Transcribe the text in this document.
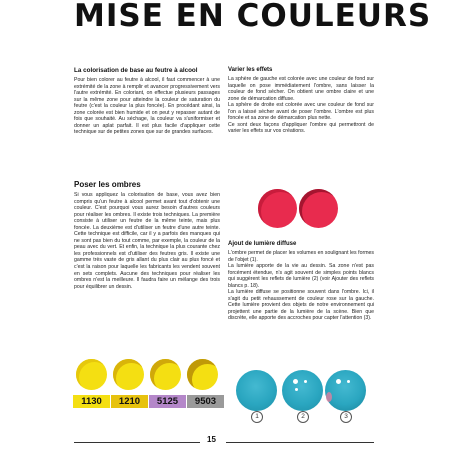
MISE EN COULEURS
La colorisation de base au feutre à alcool

Pour bien colorer au feutre à alcool, il faut commencer à une extrémité de la zone à remplir et avancer progressivement vers l'autre extrémité. En coloriant, on effectue plusieurs passages sur la même zone pour atteindre la couleur de saturation du feutre (c'est la couleur la plus foncée). En procédant ainsi, la zone colorée est bien humide et on peut y repasser autant de fois que souhaité. Au séchage, la couleur va s'uniformiser et donner un aplat parfait. Il est plus facile d'appliquer cette technique sur de petites zones que sur de grandes surfaces.

Poser les ombres

Si vous appliquez la colorisation de base, vous avez bien compris qu'un feutre à alcool permet avant tout d'obtenir une couleur. C'est pourquoi vous aurez besoin d'autres couleurs pour réaliser les ombres. Il existe trois techniques. La première consiste à utiliser un feutre de la même teinte, mais plus foncée. La deuxième est d'utiliser un feutre d'une autre teinte. Cette technique est difficile, car il y a parfois des manques qui ne sont pas bien du tout comme, par exemple, la couleur de la peau avec du vert. Et enfin, la technique la plus courante chez les professionnels est d'utiliser des feutres gris. Il existe une gamme très vaste de gris allant du plus clair au plus foncé et c'est la raison pour laquelle les fabricants les vendent souvent en sets complets. Aucune des techniques pour réaliser les ombres n'est la meilleure. Il faudra faire un mélange des trois pour équilibrer un dessin.

1130	1210	5125	9503
Varier les effets

La sphère de gauche est colorée avec une couleur de fond sur laquelle on pose immédiatement l'ombre, sans laisser la couleur de fond sécher. On obtient une ombre claire et une zone de démarcation diffuse.

La sphère de droite est colorée avec une couleur de fond sur l'on a laissé sécher avant de poser l'ombre. L'ombre est plus foncée et sa zone de démarcation plus nette.

Ce sont deux façons d'appliquer l'ombre qui permettront de varier les effets sur vos créations.

Ajout de lumière diffuse

L'ombre permet de placer les volumes en soulignant les formes de l'objet (1).

La lumière apporte de la vie au dessin. Sa zone n'est pas forcément étendue, n's agit souvent de simples points blancs qui suggèrent les reflets de lumière (2) (voir Ajouter des reflets blancs p. 18).

La lumière diffuse se positionne souvent dans l'ombre. Ici, il s'agit du petit rehaussement de couleur rose sur la gauche. Cette lumière provient des objets de notre environnement qui projettent une partie de la lumière de la scène. Bien que discrète, elle apporte des accroches pour capter l'attention (3).

1	2	3
15
